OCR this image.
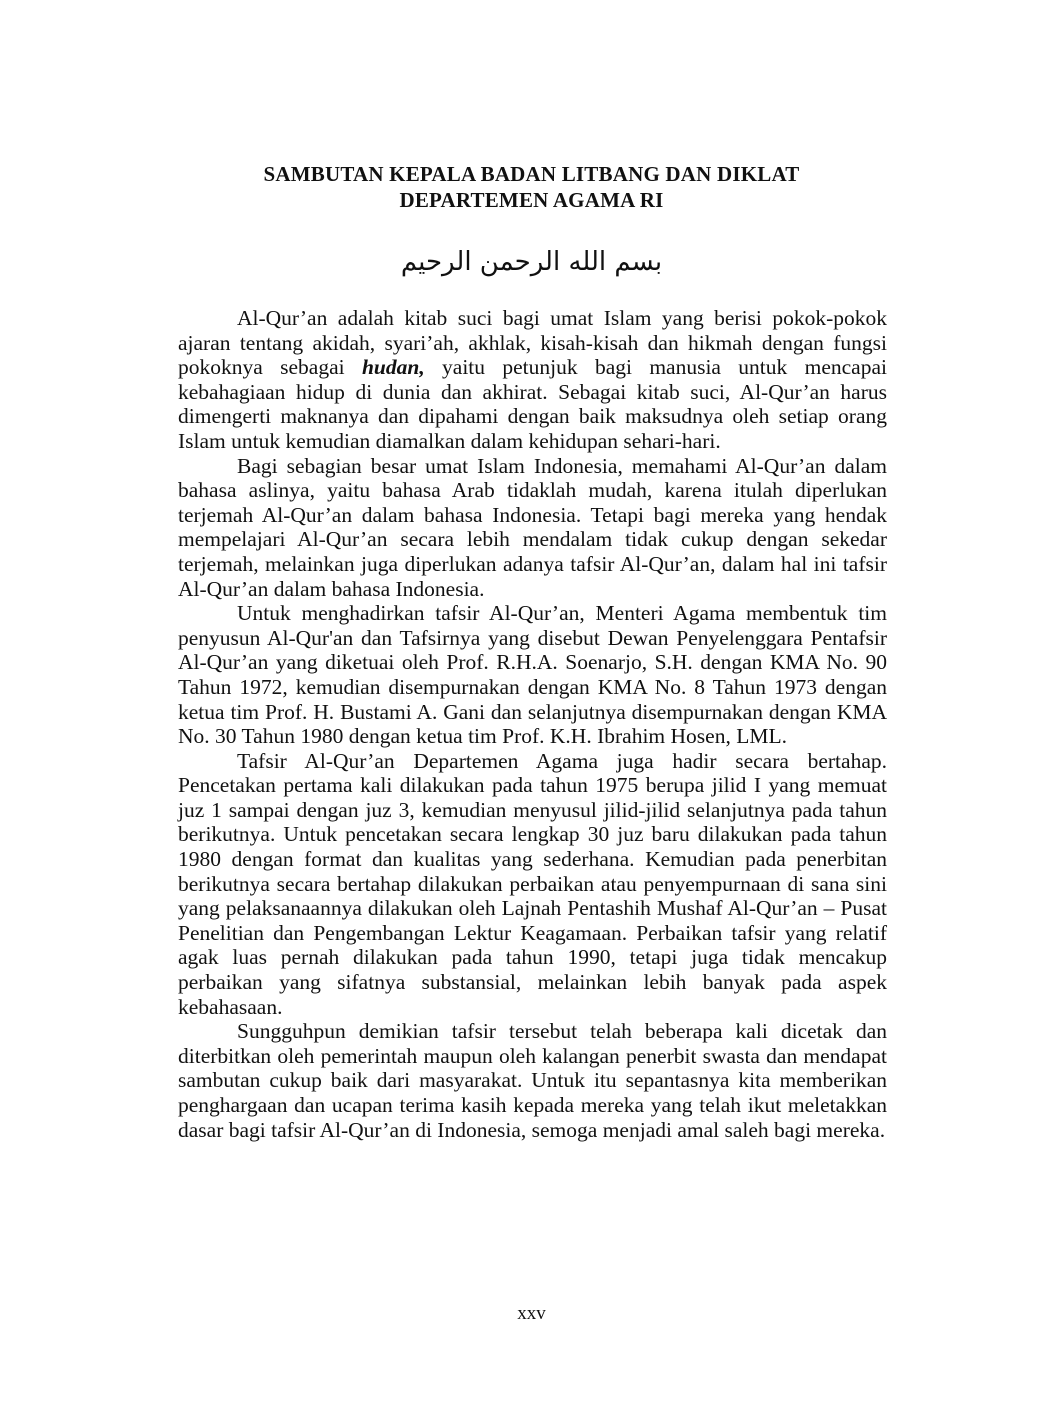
SAMBUTAN KEPALA BADAN LITBANG DAN DIKLAT
DEPARTEMEN AGAMA RI
بسم الله الرحمن الرحيم

Al-Qur’an adalah kitab suci bagi umat Islam yang berisi pokok-pokok ajaran tentang akidah, syari’ah, akhlak, kisah-kisah dan hikmah dengan fungsi pokoknya sebagai hudan, yaitu petunjuk bagi manusia untuk mencapai kebahagiaan hidup di dunia dan akhirat. Sebagai kitab suci, Al-Qur’an harus dimengerti maknanya dan dipahami dengan baik maksudnya oleh setiap orang Islam untuk kemudian diamalkan dalam kehidupan sehari-hari.

Bagi sebagian besar umat Islam Indonesia, memahami Al-Qur’an dalam bahasa aslinya, yaitu bahasa Arab tidaklah mudah, karena itulah diperlukan terjemah Al-Qur’an dalam bahasa Indonesia. Tetapi bagi mereka yang hendak mempelajari Al-Qur’an secara lebih mendalam tidak cukup dengan sekedar terjemah, melainkan juga diperlukan adanya tafsir Al-Qur’an, dalam hal ini tafsir Al-Qur’an dalam bahasa Indonesia.

Untuk menghadirkan tafsir Al-Qur’an, Menteri Agama membentuk tim penyusun Al-Qur'an dan Tafsirnya yang disebut Dewan Penyelenggara Pentafsir Al-Qur’an yang diketuai oleh Prof. R.H.A. Soenarjo, S.H. dengan KMA No. 90 Tahun 1972, kemudian disempurnakan dengan KMA No. 8 Tahun 1973 dengan ketua tim Prof. H. Bustami A. Gani dan selanjutnya disempurnakan dengan KMA No. 30 Tahun 1980 dengan ketua tim Prof. K.H. Ibrahim Hosen, LML.

Tafsir Al-Qur’an Departemen Agama juga hadir secara bertahap. Pencetakan pertama kali dilakukan pada tahun 1975 berupa jilid I yang memuat juz 1 sampai dengan juz 3, kemudian menyusul jilid-jilid selanjutnya pada tahun berikutnya. Untuk pencetakan secara lengkap 30 juz baru dilakukan pada tahun 1980 dengan format dan kualitas yang sederhana. Kemudian pada penerbitan berikutnya secara bertahap dilakukan perbaikan atau penyempurnaan di sana sini yang pelaksanaannya dilakukan oleh Lajnah Pentashih Mushaf Al-Qur’an – Pusat Penelitian dan Pengembangan Lektur Keagamaan. Perbaikan tafsir yang relatif agak luas pernah dilakukan pada tahun 1990, tetapi juga tidak mencakup perbaikan yang sifatnya substansial, melainkan lebih banyak pada aspek kebahasaan.

Sungguhpun demikian tafsir tersebut telah beberapa kali dicetak dan diterbitkan oleh pemerintah maupun oleh kalangan penerbit swasta dan mendapat sambutan cukup baik dari masyarakat. Untuk itu sepantasnya kita memberikan penghargaan dan ucapan terima kasih kepada mereka yang telah ikut meletakkan dasar bagi tafsir Al-Qur’an di Indonesia, semoga menjadi amal saleh bagi mereka.

xxv
